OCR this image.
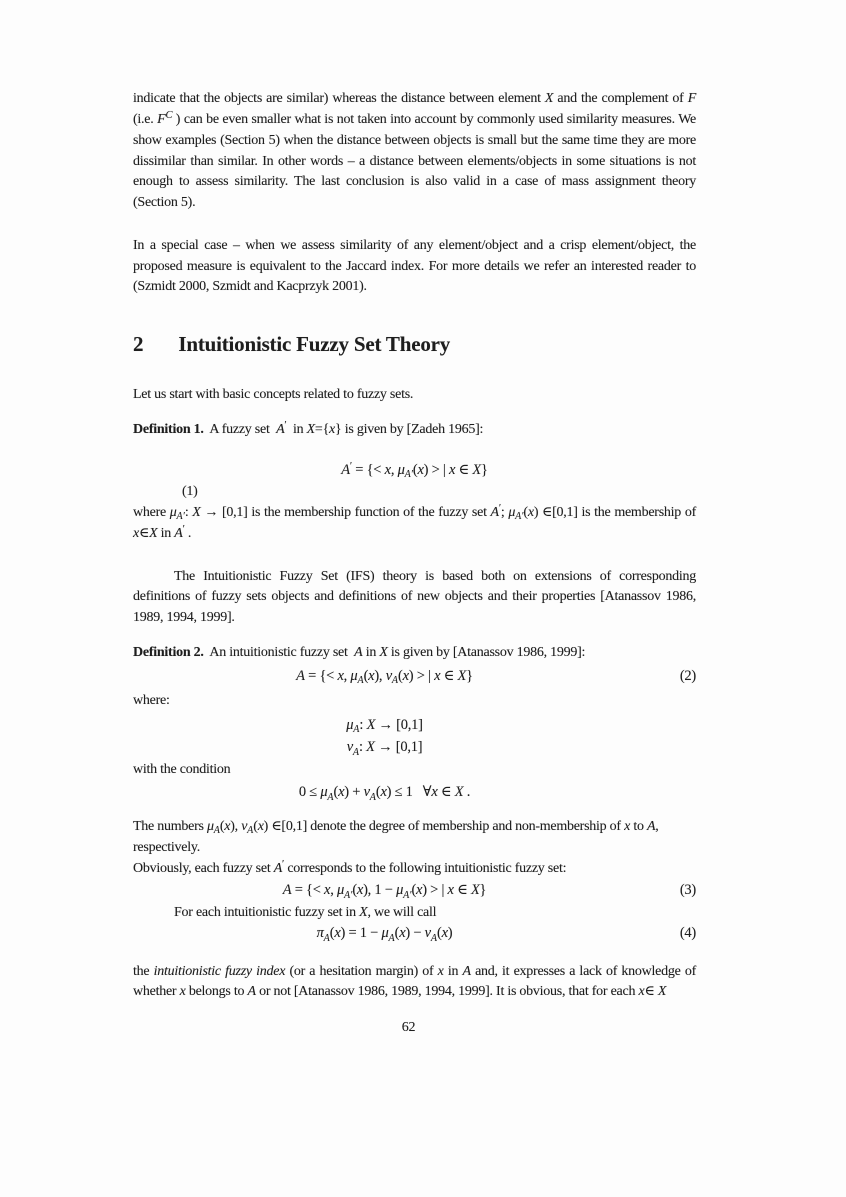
indicate that the objects are similar) whereas the distance between element X and the complement of F (i.e. $F^C$ ) can be even smaller what is not taken into account by commonly used similarity measures. We show examples (Section 5) when the distance between objects is small but the same time they are more dissimilar than similar. In other words – a distance between elements/objects in some situations is not enough to assess similarity. The last conclusion is also valid in a case of mass assignment theory (Section 5).

In a special case – when we assess similarity of any element/object and a crisp element/object, the proposed measure is equivalent to the Jaccard index. For more details we refer an interested reader to (Szmidt 2000, Szmidt and Kacprzyk 2001).

2 Intuitionistic Fuzzy Set Theory

Let us start with basic concepts related to fuzzy sets.

Definition 1.  A fuzzy set  A′  in X={x} is given by [Zadeh 1965]:

A′ = {< x, $\mu_{A'}(x)$ > | x ∈ X}

(1)

where $\mu_{A'}$: X → [0,1] is the membership function of the fuzzy set A′; $\mu_{A'}(x)$ ∈[0,1] is the membership of x∈X in A′ .

The Intuitionistic Fuzzy Set (IFS) theory is based both on extensions of corresponding definitions of fuzzy sets objects and definitions of new objects and their properties [Atanassov 1986, 1989, 1994, 1999].

Definition 2.  An intuitionistic fuzzy set  A in X is given by [Atanassov 1986, 1999]:

A = {< x, $\mu_A(x)$, $\nu_A(x)$ > | x ∈ X}	(2)

where:

$\mu_A$: X → [0,1]
$\nu_A$: X → [0,1]

with the condition

$0 \le \mu_A(x) + \nu_A(x) \le 1$   ∀x ∈ X .

The numbers $\mu_A(x)$, $\nu_A(x)$ ∈[0,1] denote the degree of membership and non-membership of x to A, respectively.

Obviously, each fuzzy set A′ corresponds to the following intuitionistic fuzzy set:

A = {< x, $\mu_{A'}(x)$, $1 - \mu_{A'}(x)$ > | x ∈ X}	(3)

For each intuitionistic fuzzy set in X, we will call

$\pi_A(x) = 1 - \mu_A(x) - \nu_A(x)$	(4)

the intuitionistic fuzzy index (or a hesitation margin) of x in A and, it expresses a lack of knowledge of whether x belongs to A or not [Atanassov 1986, 1989, 1994, 1999]. It is obvious, that for each x∈ X

62
